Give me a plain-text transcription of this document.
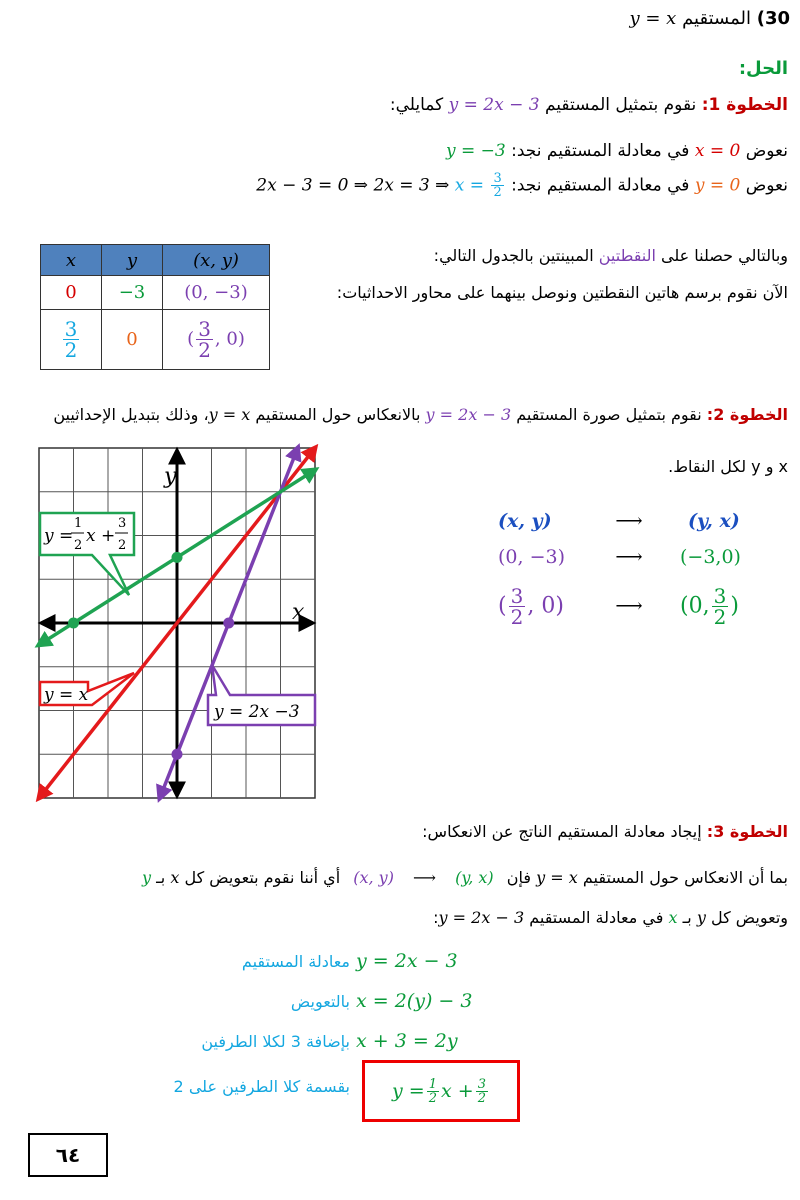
30) المستقيم y = x
الحل:
الخطوة 1: نقوم بتمثيل المستقيم y = 2x − 3 كمايلي:
نعوض x = 0 في معادلة المستقيم نجد: y = −3
نعوض y = 0 في معادلة المستقيم نجد: 2x − 3 = 0 ⇒ 2x = 3 ⇒ $x = \frac{3}{2}$
وبالتالي حصلنا على النقطتين المبينتين بالجدول التالي:
الآن نقوم برسم هاتين النقطتين ونوصل بينهما على محاور الاحداثيات:
x	y	(x, y)
0	−3	(0, −3)

$\frac{3}{2}$	0	( $\frac{3}{2}$ , 0)
الخطوة 2: نقوم بتمثيل صورة المستقيم y = 2x − 3 بالانعكاس حول المستقيم y = x، وذلك بتبديل الإحداثيين
x و y لكل النقاط.
(x, y)	⟶	(y, x)
(0, −3)	⟶	(−3,0)
( $\frac{3}{2}$ , 0)	⟶	(0, $\frac{3}{2}$ )
y
x
y =
1
2 x +
3
2
y = x
y = 2x −3
الخطوة 3: إيجاد معادلة المستقيم الناتج عن الانعكاس:
بما أن الانعكاس حول المستقيم y = x فإن (x, y) ⟶ (y, x) أي أننا نقوم بتعويض كل x بـ y
وتعويض كل y بـ x في معادلة المستقيم y = 2x − 3:
y = 2x − 3
معادلة المستقيم
x = 2(y) − 3
بالتعويض
x + 3 = 2y
بإضافة 3 لكلا الطرفين
بقسمة كلا الطرفين على 2 $y = \frac{1}{2}$ $x + \frac{3}{2}$
٦٤
